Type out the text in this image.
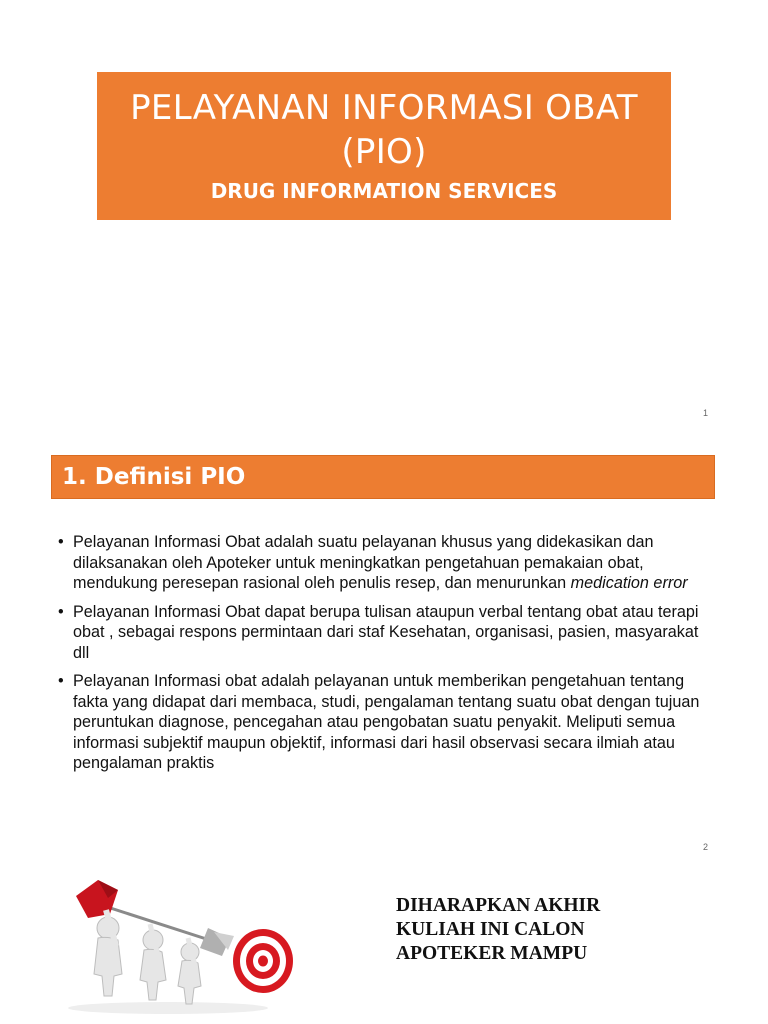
PELAYANAN INFORMASI OBAT (PIO)
DRUG INFORMATION SERVICES
1
1. Definisi PIO
• Pelayanan Informasi Obat adalah suatu pelayanan khusus yang didekasikan dan dilaksanakan oleh Apoteker untuk meningkatkan pengetahuan pemakaian obat, mendukung peresepan rasional oleh penulis resep, dan menurunkan medication error
• Pelayanan Informasi Obat dapat berupa tulisan ataupun verbal tentang obat atau terapi obat , sebagai respons permintaan dari staf Kesehatan, organisasi, pasien, masyarakat dll
• Pelayanan Informasi obat adalah pelayanan untuk memberikan pengetahuan tentang fakta yang didapat dari membaca, studi, pengalaman tentang suatu obat dengan tujuan peruntukan diagnose, pencegahan atau pengobatan suatu penyakit. Meliputi semua informasi subjektif maupun objektif, informasi dari hasil observasi secara ilmiah atau pengalaman praktis
2
DIHARAPKAN AKHIR
KULIAH INI CALON
APOTEKER MAMPU
